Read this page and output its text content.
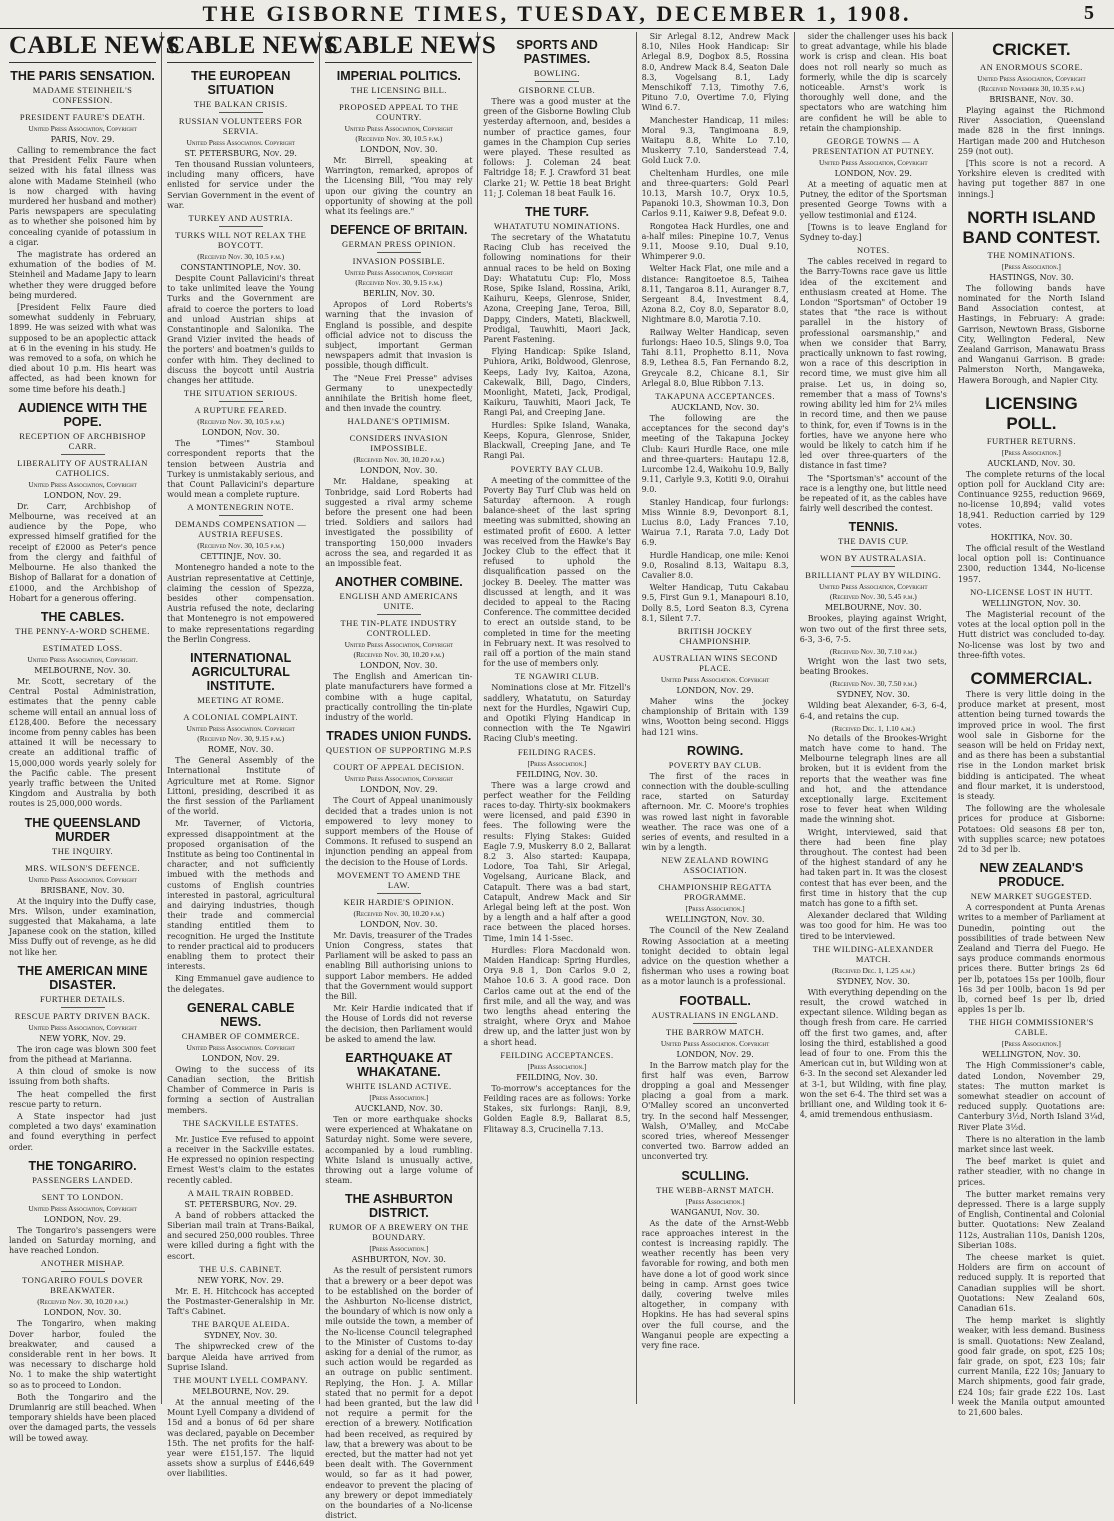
THE GISBORNE TIMES, TUESDAY, DECEMBER 1, 1908.	5
CABLE NEWS
THE PARIS SENSATION.
MADAME STEINHEIL'S CONFESSION.
PRESIDENT FAURE'S DEATH.
United Press Association, Copyright
PARIS, Nov. 29.
Calling to remembrance the fact that President Felix Faure when seized with his fatal illness was alone with Madame Steinheil (who is now charged with having murdered her husband and mother) Paris newspapers are speculating as to whether she poisoned him by concealing cyanide of potassium in a cigar.
The magistrate has ordered an exhumation of the bodies of M. Steinheil and Madame Japy to learn whether they were drugged before being murdered.
[President Felix Faure died somewhat suddenly in February, 1899. He was seized with what was supposed to be an apoplectic attack at 6 in the evening in his study. He was removed to a sofa, on which he died about 10 p.m. His heart was affected, as had been known for some time before his death.]
AUDIENCE WITH THE POPE.
RECEPTION OF ARCHBISHOP CARR.
LIBERALITY OF AUSTRALIAN CATHOLICS.
United Press Association, Copyright
LONDON, Nov. 29.
Dr. Carr, Archbishop of Melbourne, was received at an audience by the Pope, who expressed himself gratified for the receipt of £2000 as Peter's pence from the clergy and faithful of Melbourne. He also thanked the Bishop of Ballarat for a donation of £1000, and the Archbishop of Hobart for a generous offering.
THE CABLES.
THE PENNY-A-WORD SCHEME.
ESTIMATED LOSS.
United Press Association, Copyright.
MELBOURNE, Nov. 30.
Mr. Scott, secretary of the Central Postal Administration, estimates that the penny cable scheme will entail an annual loss of £128,400. Before the necessary income from penny cables has been attained it will be necessary to create an additional traffic of 15,000,000 words yearly solely for the Pacific cable. The present yearly traffic between the United Kingdom and Australia by both routes is 25,000,000 words.
THE QUEENSLAND MURDER
THE INQUIRY.
MRS. WILSON'S DEFENCE.
United Press Association. Copyright
BRISBANE, Nov. 30.
At the inquiry into the Duffy case, Mrs. Wilson, under examination, suggested that Makahama, a late Japanese cook on the station, killed Miss Duffy out of revenge, as he did not like her.
THE AMERICAN MINE DISASTER.
FURTHER DETAILS.
RESCUE PARTY DRIVEN BACK.
United Press Association, Copyright
NEW YORK, Nov. 29.
The iron cage was blown 300 feet from the pithead at Marianna.
A thin cloud of smoke is now issuing from both shafts.
The heat compelled the first rescue party to return.
A State inspector had just completed a two days' examination and found everything in perfect order.
THE TONGARIRO.
PASSENGERS LANDED.
SENT TO LONDON.
United Press Association, Copyright
LONDON, Nov. 29.
The Tongariro's passengers were landed on Saturday morning, and have reached London.
ANOTHER MISHAP.
TONGARIRO FOULS DOVER BREAKWATER.
(Received Nov. 30, 10.20 p.m.)
LONDON, Nov. 30.
The Tongariro, when making Dover harbor, fouled the breakwater, and caused a considerable rent in her bows. It was necessary to discharge hold No. 1 to make the ship watertight so as to proceed to London.
Both the Tongariro and the Drumlanrig are still beached. When temporary shields have been placed over the damaged parts, the vessels will be towed away.
CABLE NEWS
THE EUROPEAN SITUATION
THE BALKAN CRISIS.
RUSSIAN VOLUNTEERS FOR SERVIA.
United Press Association. Copyright
ST. PETERSBURG, Nov. 29.
Ten thousand Russian volunteers, including many officers, have enlisted for service under the Servian Government in the event of war.
TURKEY AND AUSTRIA.
TURKS WILL NOT RELAX THE BOYCOTT.
(Received Nov. 30, 10.5 p.m.)
CONSTANTINOPLE, Nov. 30.
Despite Count Pallavicini's threat to take unlimited leave the Young Turks and the Government are afraid to coerce the porters to load and unload Austrian ships at Constantinople and Salonika. The Grand Vizier invited the heads of the porters' and boatmen's guilds to confer with him. They declined to discuss the boycott until Austria changes her attitude.
THE SITUATION SERIOUS.
A RUPTURE FEARED.
(Received Nov. 30, 10.5 p.m.)
LONDON, Nov. 30.
The "Times'" Stamboul correspondent reports that the tension between Austria and Turkey is unmistakably serious, and that Count Pallavicini's departure would mean a complete rupture.
A MONTENEGRIN NOTE.
DEMANDS COMPENSATION — AUSTRIA REFUSES.
(Received Nov. 30, 10.5 p.m.)
CETTINJE, Nov. 30.
Montenegro handed a note to the Austrian representative at Cettinje, claiming the cession of Spezza, besides other compensation. Austria refused the note, declaring that Montenegro is not empowered to make representations regarding the Berlin Congress.
INTERNATIONAL AGRICULTURAL INSTITUTE.
MEETING AT ROME.
A COLONIAL COMPLAINT.
United Press Association. Copyright
(Received Nov. 30, 9.15 p.m.)
ROME, Nov. 30.
The General Assembly of the International Institute of Agriculture met at Rome. Signor Littoni, presiding, described it as the first session of the Parliament of the world.
Mr. Taverner, of Victoria, expressed disappointment at the proposed organisation of the Institute as being too Continental in character, and not sufficiently imbued with the methods and customs of English countries interested in pastoral, agricultural and dairying industries, though their trade and commercial standing entitled them to recognition. He urged the Institute to render practical aid to producers enabling them to protect their interests.
King Emmanuel gave audience to the delegates.
GENERAL CABLE NEWS.
CHAMBER OF COMMERCE.
United Press Association. Copyright
LONDON, Nov. 29.
Owing to the success of its Canadian section, the British Chamber of Commerce in Paris is forming a section of Australian members.
THE SACKVILLE ESTATES.
Mr. Justice Eve refused to appoint a receiver in the Sackville estates. He expressed no opinion respecting Ernest West's claim to the estates recently cabled.
A MAIL TRAIN ROBBED.
ST. PETERSBURG, Nov. 29.
A band of robbers attacked the Siberian mail train at Trans-Baikal, and secured 250,000 roubles. Three were killed during a fight with the escort.
THE U.S. CABINET.
NEW YORK, Nov. 29.
Mr. E. H. Hitchcock has accepted the Postmaster-Generalship in Mr. Taft's Cabinet.
THE BARQUE ALEIDA.
SYDNEY, Nov. 30.
The shipwrecked crew of the barque Aleida have arrived from Suprise Island.
THE MOUNT LYELL COMPANY.
MELBOURNE, Nov. 29.
At the annual meeting of the Mount Lyell Company a dividend of 15d and a bonus of 6d per share was declared, payable on December 15th. The net profits for the half-year were £151,157. The liquid assets show a surplus of £446,649 over liabilities.
CABLE NEWS
IMPERIAL POLITICS.
THE LICENSING BILL.
PROPOSED APPEAL TO THE COUNTRY.
United Press Association, Copyright
(Received Nov. 30, 10.5 p.m.)
LONDON, Nov. 30.
Mr. Birrell, speaking at Warrington, remarked, apropos of the Licensing Bill, "You may rely upon our giving the country an opportunity of showing at the poll what its feelings are."
DEFENCE OF BRITAIN.
GERMAN PRESS OPINION.
INVASION POSSIBLE.
United Press Association, Copyright
(Received Nov. 30, 9.15 p.m.)
BERLIN, Nov. 30.
Apropos of Lord Roberts's warning that the invasion of England is possible, and despite official advice not to discuss the subject, important German newspapers admit that invasion is possible, though difficult.
The "Neue Frei Presse" advises Germany to unexpectedly annihilate the British home fleet, and then invade the country.
HALDANE'S OPTIMISM.
CONSIDERS INVASION IMPOSSIBLE.
(Received Nov. 30, 10.20 p.m.)
LONDON, Nov. 30.
Mr. Haldane, speaking at Tonbridge, said Lord Roberts had suggested a rival army scheme before the present one had been tried. Soldiers and sailors had investigated the possibility of transporting 150,000 invaders across the sea, and regarded it as an impossible feat.
ANOTHER COMBINE.
ENGLISH AND AMERICANS UNITE.
THE TIN-PLATE INDUSTRY CONTROLLED.
United Press Association, Copyright
(Received Nov. 30, 10.20 p.m.)
LONDON, Nov. 30.
The English and American tin-plate manufacturers have formed a combine with a huge capital, practically controlling the tin-plate industry of the world.
TRADES UNION FUNDS.
QUESTION OF SUPPORTING M.P.S
COURT OF APPEAL DECISION.
United Press Association, Copyright
LONDON, Nov. 29.
The Court of Appeal unanimously decided that a trades union is not empowered to levy money to support members of the House of Commons. It refused to suspend an injunction pending an appeal from the decision to the House of Lords.
MOVEMENT TO AMEND THE LAW.
KEIR HARDIE'S OPINION.
(Received Nov. 30, 10.20 p.m.)
LONDON, Nov. 30.
Mr. Davis, treasurer of the Trades Union Congress, states that Parliament will be asked to pass an enabling Bill authorising unions to support Labor members. He added that the Government would support the Bill.
Mr. Keir Hardie indicated that if the House of Lords did not reverse the decision, then Parliament would be asked to amend the law.
EARTHQUAKE AT WHAKATANE.
WHITE ISLAND ACTIVE.
[Press Association.]
AUCKLAND, Nov. 30.
Ten or more earthquake shocks were experienced at Whakatane on Saturday night. Some were severe, accompanied by a loud rumbling. White Island is unusually active, throwing out a large volume of steam.
THE ASHBURTON DISTRICT.
RUMOR OF A BREWERY ON THE BOUNDARY.
[Press Association.]
ASHBURTON, Nov. 30.
As the result of persistent rumors that a brewery or a beer depot was to be established on the border of the Ashburton No-license district, the boundary of which is now only a mile outside the town, a member of the No-license Council telegraphed to the Minister of Customs to-day asking for a denial of the rumor, as such action would be regarded as an outrage on public sentiment. Replying, the Hon. J. A. Millar stated that no permit for a depot had been granted, but the law did not require a permit for the erection of a brewery. Notification had been received, as required by law, that a brewery was about to be erected, but the matter had not yet been dealt with. The Government would, so far as it had power, endeavor to prevent the placing of any brewery or depot immediately on the boundaries of a No-license district.
SPORTS AND PASTIMES.
BOWLING.
GISBORNE CLUB.
There was a good muster at the green of the Gisborne Bowling Club yesterday afternoon, and, besides a number of practice games, four games in the Champion Cup series were played. These resulted as follows: J. Coleman 24 beat Faltridge 18; F. J. Crawford 31 beat Clarke 21; W. Pettie 18 beat Bright 11; J. Coleman 18 beat Faulk 16.
THE TURF.
WHATATUTU NOMINATIONS.
The secretary of the Whatatutu Racing Club has received the following nominations for their annual races to be held on Boxing Day: Whatatutu Cup: Flo, Moss Rose, Spike Island, Rossina, Ariki, Kaihuru, Keeps, Glenrose, Snider, Azona, Creeping Jane, Teroa, Bill, Dappy, Cinders, Mateti, Blackwell, Prodigal, Tauwhiti, Maori Jack, Parent Fastening.
Flying Handicap: Spike Island, Puhiora, Ariki, Boldwood, Glenrose, Keeps, Lady Ivy, Kaitoa, Azona, Cakewalk, Bill, Dago, Cinders, Moonlight, Mateti, Jack, Prodigal, Kaikuru, Tauwhiti, Maori Jack, Te Rangi Pai, and Creeping Jane.
Hurdles: Spike Island, Wanaka, Keeps, Kopura, Glenrose, Snider, Blackwall, Creeping Jane, and Te Rangi Pai.
POVERTY BAY CLUB.
A meeting of the committee of the Poverty Bay Turf Club was held on Saturday afternoon. A rough balance-sheet of the last spring meeting was submitted, showing an estimated profit of £600. A letter was received from the Hawke's Bay Jockey Club to the effect that it refused to uphold the disqualification passed on the jockey B. Deeley. The matter was discussed at length, and it was decided to appeal to the Racing Conference. The committee decided to erect an outside stand, to be completed in time for the meeting in February next. It was resolved to rail off a portion of the main stand for the use of members only.
TE NGAWIRI CLUB.
Nominations close at Mr. Fitzell's saddlery, Whatatutu, on Saturday next for the Hurdles, Ngawiri Cup, and Opotiki Flying Handicap in connection with the Te Ngawiri Racing Club's meeting.
FEILDING RACES.
[Press Association.]
FEILDING, Nov. 30.
There was a large crowd and perfect weather for the Feilding races to-day. Thirty-six bookmakers were licensed, and paid £390 in fees. The following were the results: Flying Stakes: Guided Eagle 7.9, Muskerry 8.0 2, Ballarat 8.2 3. Also started: Kaupapa, Lodore, Toa Tahi, Sir Arlegal, Vogelsang, Auricane Black, and Catapult. There was a bad start, Catapult, Andrew Mack and Sir Arlegal being left at the post. Won by a length and a half after a good race between the placed horses. Time, 1min 14 1-5sec.
Hurdles: Flora Macdonald won. Maiden Handicap: Spring Hurdles, Orya 9.8 1, Don Carlos 9.0 2, Mahoe 10.6 3. A good race. Don Carlos came out at the end of the first mile, and all the way, and was two lengths ahead entering the straight, where Oryx and Mahoe drew up, and the latter just won by a short head.
FEILDING ACCEPTANCES.
[Press Association.]
FEILDING, Nov. 30.
To-morrow's acceptances for the Feilding races are as follows: Yorke Stakes, six furlongs: Ranji, 8.9, Golden Eagle 8.9, Ballarat 8.5, Flitaway 8.3, Crucinella 7.13.
Sir Arlegal 8.12, Andrew Mack 8.10, Niles Hook Handicap: Sir Arlegal 8.9, Dogbox 8.5, Rossina 8.0, Andrew Mack 8.4, Seaton Dale 8.3, Vogelsang 8.1, Lady Menschikoff 7.13, Timothy 7.6, Pituno 7.0, Overtime 7.0, Flying Wind 6.7.
Manchester Handicap, 11 miles: Moral 9.3, Tangimoana 8.9, Waitapu 8.8, White Lo 7.10, Muskerry 7.10, Sanderstead 7.4, Gold Luck 7.0.
Cheltenham Hurdles, one mile and three-quarters: Gold Pearl 10.13, Marsh 10.7, Oryx 10.5, Papanoki 10.3, Showman 10.3, Don Carlos 9.11, Kaiwer 9.8, Defeat 9.0.
Rongotea Hack Hurdles, one and a-half miles: Pinepine 10.7, Venus 9.11, Moose 9.10, Dual 9.10, Whimperer 9.0.
Welter Hack Flat, one mile and a distance: Rangitoetoe 8.5, Taihea 8.11, Tangaroa 8.11, Auranger 8.7, Sergeant 8.4, Investment 8.4, Azona 8.2, Coy 8.0, Separator 8.0, Nightmare 8.0, Marotia 7.10.
Railway Welter Handicap, seven furlongs: Haeo 10.5, Slings 9.0, Toa Tahi 8.11, Prophetto 8.11, Nova 8.9, Lethea 8.5, Fan Fernando 8.2, Greycale 8.2, Chicane 8.1, Sir Arlegal 8.0, Blue Ribbon 7.13.
TAKAPUNA ACCEPTANCES.
AUCKLAND, Nov. 30.
The following are the acceptances for the second day's meeting of the Takapuna Jockey Club: Kauri Hurdle Race, one mile and three-quarters: Hautapu 12.8, Lurcombe 12.4, Waikohu 10.9, Bally 9.11, Carlyle 9.3, Kotiti 9.0, Oirahui 9.0.
Stanley Handicap, four furlongs: Miss Winnie 8.9, Devonport 8.1, Lucius 8.0, Lady Frances 7.10, Wairua 7.1, Rarata 7.0, Lady Dot 6.9.
Hurdle Handicap, one mile: Kenoi 9.0, Rosalind 8.13, Waitapu 8.3, Cavalier 8.0.
Welter Handicap, Tutu Cakabau 9.5, First Gun 9.1, Manapouri 8.10, Dolly 8.5, Lord Seaton 8.3, Cyrena 8.1, Silent 7.7.
BRITISH JOCKEY CHAMPIONSHIP.
AUSTRALIAN WINS SECOND PLACE.
United Press Association. Copyright
LONDON, Nov. 29.
Maher wins the jockey championship of Britain with 139 wins, Wootton being second. Higgs had 121 wins.
ROWING.
POVERTY BAY CLUB.
The first of the races in connection with the double-sculling race, started on Saturday afternoon. Mr. C. Moore's trophies was rowed last night in favorable weather. The race was one of a series of events, and resulted in a win by a length.
NEW ZEALAND ROWING ASSOCIATION.
CHAMPIONSHIP REGATTA PROGRAMME.
[Press Association.]
WELLINGTON, Nov. 30.
The Council of the New Zealand Rowing Association at a meeting tonight decided to obtain legal advice on the question whether a fisherman who uses a rowing boat as a motor launch is a professional.
FOOTBALL.
AUSTRALIANS IN ENGLAND.
THE BARROW MATCH.
United Press Association. Copyright
LONDON, Nov. 29.
In the Barrow match play for the first half was even, Barrow dropping a goal and Messenger placing a goal from a mark. O'Malley scored an unconverted try. In the second half Messenger, Walsh, O'Malley, and McCabe scored tries, whereof Messenger converted two. Barrow added an unconverted try.
SCULLING.
THE WEBB-ARNST MATCH.
[Press Association.]
WANGANUI, Nov. 30.
As the date of the Arnst-Webb race approaches interest in the contest is increasing rapidly. The weather recently has been very favorable for rowing, and both men have done a lot of good work since being in camp. Arnst goes twice daily, covering twelve miles altogether, in company with Hopkins. He has had several spins over the full course, and the Wanganui people are expecting a very fine race.
sider the challenger uses his back to great advantage, while his blade work is crisp and clean. His boat does not roll nearly so much as formerly, while the dip is scarcely noticeable. Arnst's work is thoroughly well done, and the spectators who are watching him are confident he will be able to retain the championship.
GEORGE TOWNS — A PRESENTATION AT PUTNEY.
United Press Association, Copyright
LONDON, Nov. 29.
At a meeting of aquatic men at Putney, the editor of the Sportsman presented George Towns with a yellow testimonial and £124.
[Towns is to leave England for Sydney to-day.]
NOTES.
The cables received in regard to the Barry-Towns race gave us little idea of the excitement and enthusiasm created at Home. The London "Sportsman" of October 19 states that "the race is without parallel in the history of professional oarsmanship," and when we consider that Barry, practically unknown to fast rowing, won a race of this description in record time, we must give him all praise. Let us, in doing so, remember that a mass of Towns's rowing ability led him for 2¼ miles in record time, and then we pause to think, for, even if Towns is in the forties, have we anyone here who would be likely to catch him if he led over three-quarters of the distance in fast time?
The "Sportsman's" account of the race is a lengthy one, but little need be repeated of it, as the cables have fairly well described the contest.
TENNIS.
THE DAVIS CUP.
WON BY AUSTRALASIA.
BRILLIANT PLAY BY WILDING.
United Press Association, Copyright
(Received Nov. 30, 5.45 p.m.)
MELBOURNE, Nov. 30.
Brookes, playing against Wright, won two out of the first three sets, 6-3, 3-6, 7-5.
(Received Nov. 30, 7.10 p.m.)
Wright won the last two sets, beating Brookes.
(Received Nov. 30, 7.50 p.m.)
SYDNEY, Nov. 30.
Wilding beat Alexander, 6-3, 6-4, 6-4, and retains the cup.
(Received Dec. 1, 1.10 a.m.)
No details of the Brookes-Wright match have come to hand. The Melbourne telegraph lines are all broken, but it is evident from the reports that the weather was fine and hot, and the attendance exceptionally large. Excitement rose to fever heat when Wilding made the winning shot.
Wright, interviewed, said that there had been fine play throughout. The contest had been of the highest standard of any he had taken part in. It was the closest contest that has ever been, and the first time in history that the cup match has gone to a fifth set.
Alexander declared that Wilding was too good for him. He was too tired to be interviewed.
THE WILDING-ALEXANDER MATCH.
(Received Dec. 1, 1.25 a.m.)
SYDNEY, Nov. 30.
With everything depending on the result, the crowd watched in expectant silence. Wilding began as though fresh from care. He carried off the first two games, and, after losing the third, established a good lead of four to one. From this the American cut in, but Wilding won at 6-3. In the second set Alexander led at 3-1, but Wilding, with fine play, won the set 6-4. The third set was a brilliant one, and Wilding took it 6-4, amid tremendous enthusiasm.
CRICKET.
AN ENORMOUS SCORE.
United Press Association, Copyright
(Received November 30, 10.35 p.m.)
BRISBANE, Nov. 30.
Playing against the Richmond River Association, Queensland made 828 in the first innings. Hartigan made 200 and Hutcheson 259 (not out).
[This score is not a record. A Yorkshire eleven is credited with having put together 887 in one innings.]
NORTH ISLAND BAND CONTEST.
THE NOMINATIONS.
[Press Association.]
HASTINGS, Nov. 30.
The following bands have nominated for the North Island Band Association contest, at Hastings, in February: A grade: Garrison, Newtown Brass, Gisborne City, Wellington Federal, New Zealand Garrison, Manawatu Brass and Wanganui Garrison. B grade: Palmerston North, Mangaweka, Hawera Borough, and Napier City.
LICENSING POLL.
FURTHER RETURNS.
[Press Association.]
AUCKLAND, Nov. 30.
The complete returns of the local option poll for Auckland City are: Continuance 9255, reduction 9669, no-license 10,894; valid votes 18,941. Reduction carried by 129 votes.
HOKITIKA, Nov. 30.
The official result of the Westland local option poll is: Continuance 2300, reduction 1344, No-license 1957.
NO-LICENSE LOST IN HUTT.
WELLINGTON, Nov. 30.
The Magisterial recount of the votes at the local option poll in the Hutt district was concluded to-day. No-license was lost by two and three-fifth votes.
COMMERCIAL.
There is very little doing in the produce market at present, most attention being turned towards the improved price in wool. The first wool sale in Gisborne for the season will be held on Friday next, and as there has been a substantial rise in the London market brisk bidding is anticipated. The wheat and flour market, it is understood, is steady.
The following are the wholesale prices for produce at Gisborne: Potatoes: Old seasons £8 per ton, with supplies scarce; new potatoes 2d to 3d per lb.
NEW ZEALAND'S PRODUCE.
NEW MARKET SUGGESTED.
A correspondent at Punta Arenas writes to a member of Parliament at Dunedin, pointing out the possibilities of trade between New Zealand and Tierra del Fuego. He says produce commands enormous prices there. Butter brings 2s 6d per lb, potatoes 15s per 100lb, flour 16s 3d per 100lb, bacon 1s 9d per lb, corned beef 1s per lb, dried apples 1s per lb.
THE HIGH COMMISSIONER'S CABLE.
[Press Association.]
WELLINGTON, Nov. 30.
The High Commissioner's cable, dated London, November 29, states: The mutton market is somewhat steadier on account of reduced supply. Quotations are: Canterbury 3½d, North Island 3¼d, River Plate 3½d.
There is no alteration in the lamb market since last week.
The beef market is quiet and rather steadier, with no change in prices.
The butter market remains very depressed. There is a large supply of English, Continental and Colonial butter. Quotations: New Zealand 112s, Australian 110s, Danish 120s, Siberian 108s.
The cheese market is quiet. Holders are firm on account of reduced supply. It is reported that Canadian supplies will be short. Quotations: New Zealand 60s, Canadian 61s.
The hemp market is slightly weaker, with less demand. Business is small. Quotations: New Zealand, good fair grade, on spot, £25 10s; fair grade, on spot, £23 10s; fair current Manila, £22 10s; January to March shipments, good fair grade, £24 10s; fair grade £22 10s. Last week the Manila output amounted to 21,600 bales.
